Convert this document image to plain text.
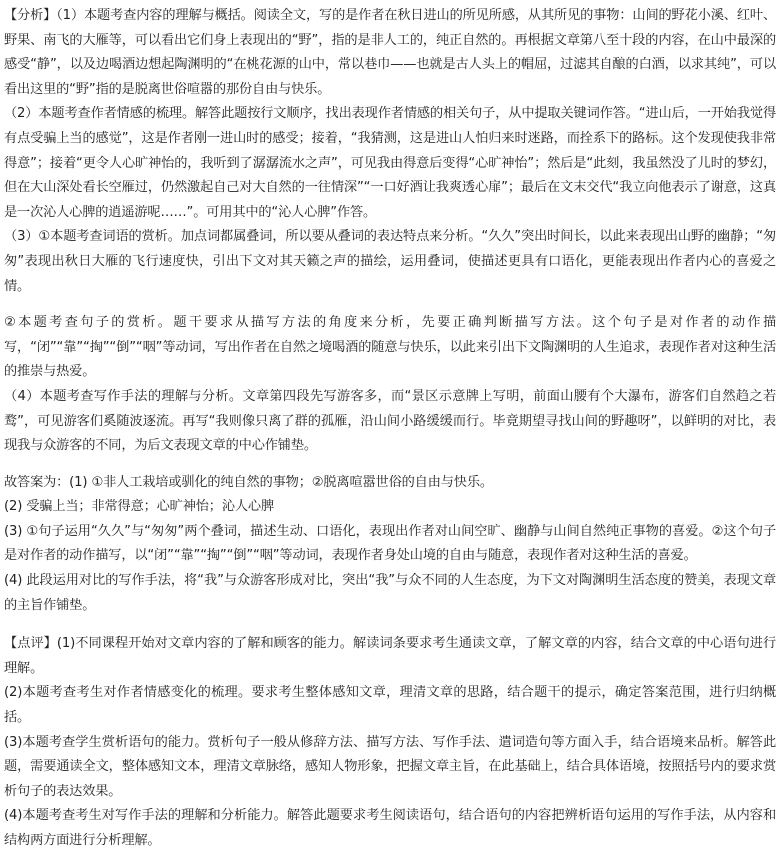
【分析】（1）本题考查内容的理解与概括。阅读全文，写的是作者在秋日进山的所见所感，从其所见的事物：山间的野花小溪、红叶、野果、南飞的大雁等，可以看出它们身上表现出的“野”，指的是非人工的，纯正自然的。再根据文章第八至十段的内容，在山中最深的感受“静”，以及边喝酒边想起陶渊明的“在桃花源的山中，常以巷巾——也就是古人头上的帽屈，过滤其自酿的白酒，以求其纯”，可以看出这里的“野”指的是脱离世俗喧嚣的那份自由与快乐。

（2）本题考查作者情感的梳理。解答此题按行文顺序，找出表现作者情感的相关句子，从中提取关键词作答。“进山后，一开始我觉得有点受骗上当的感觉”，这是作者刚一进山时的感受；接着，“我猜测，这是进山人怕归来时迷路，而拴系下的路标。这个发现使我非常得意”；接着“更令人心旷神怡的，我听到了潺潺流水之声”，可见我由得意后变得“心旷神怡”；然后是“此刻，我虽然没了儿时的梦幻，但在大山深处看长空雁过，仍然激起自己对大自然的一往情深”“一口好酒让我爽透心扉”；最后在文末交代“我立向他表示了谢意，这真是一次沁人心脾的逍遥游呢……”。可用其中的“沁人心脾”作答。

（3）①本题考查词语的赏析。加点词都属叠词，所以要从叠词的表达特点来分析。“久久”突出时间长，以此来表现出山野的幽静；“匆匆”表现出秋日大雁的飞行速度快，引出下文对其天籁之声的描绘，运用叠词，使描述更具有口语化，更能表现出作者内心的喜爱之情。

②本题考查句子的赏析。题干要求从描写方法的角度来分析，先要正确判断描写方法。这个句子是对作者的动作描写，“闭”“靠”“掏”“倒”“咽”等动词，写出作者在自然之境喝酒的随意与快乐，以此来引出下文陶渊明的人生追求，表现作者对这种生活的推崇与热爱。

（4）本题考查写作手法的理解与分析。文章第四段先写游客多，而“景区示意牌上写明，前面山腰有个大瀑布，游客们自然趋之若鹜”，可见游客们奚随波逐流。再写“我则像只离了群的孤雁，沿山间小路缓缓而行。毕竟期望寻找山间的野趣呀”，以鲜明的对比，表现我与众游客的不同，为后文表现文章的中心作铺垫。

故答案为：(1) ①非人工栽培或驯化的纯自然的事物；②脱离喧嚣世俗的自由与快乐。

(2) 受骗上当；非常得意；心旷神怡；沁人心脾

(3) ①句子运用“久久”与“匆匆”两个叠词，描述生动、口语化，表现出作者对山间空旷、幽静与山间自然纯正事物的喜爱。②这个句子是对作者的动作描写，以“闭”“靠”“掏”“倒”“咽”等动词，表现作者身处山境的自由与随意，表现作者对这种生活的喜爱。

(4) 此段运用对比的写作手法，将“我”与众游客形成对比，突出“我”与众不同的人生态度，为下文对陶渊明生活态度的赞美，表现文章的主旨作铺垫。

【点评】(1)不同课程开始对文章内容的了解和顾客的能力。解读词条要求考生通读文章，了解文章的内容，结合文章的中心语句进行理解。

(2)本题考查考生对作者情感变化的梳理。要求考生整体感知文章，理清文章的思路，结合题干的提示，确定答案范围，进行归纳概括。

(3)本题考查学生赏析语句的能力。赏析句子一般从修辞方法、描写方法、写作手法、遣词造句等方面入手，结合语境来品析。解答此题，需要通读全文，整体感知文本，理清文章脉络，感知人物形象，把握文章主旨，在此基础上，结合具体语境，按照括号内的要求赏析句子的表达效果。

(4)本题考查考生对写作手法的理解和分析能力。解答此题要求考生阅读语句，结合语句的内容把辨析语句运用的写作手法，从内容和结构两方面进行分析理解。
